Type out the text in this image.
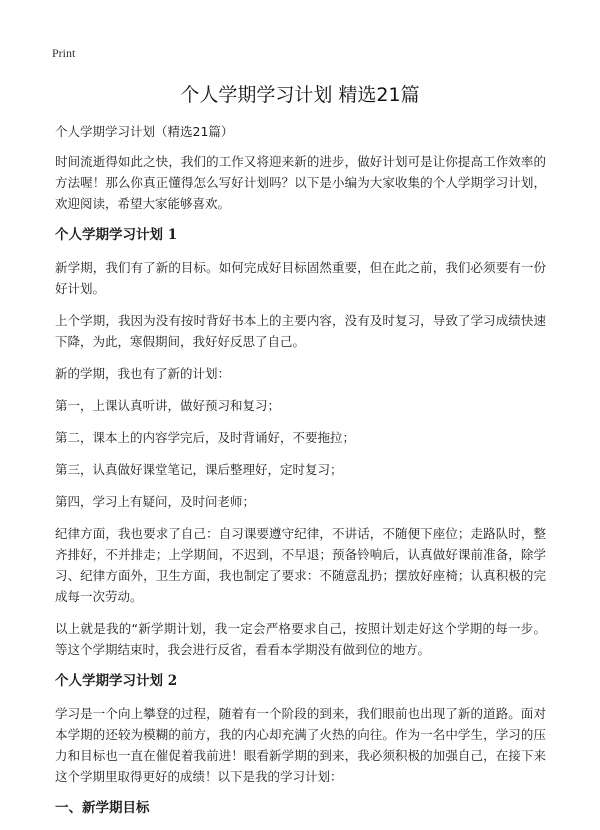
Print
个人学期学习计划 精选21篇
个人学期学习计划（精选21篇）

时间流逝得如此之快，我们的工作又将迎来新的进步，做好计划可是让你提高工作效率的方法喔！那么你真正懂得怎么写好计划吗？以下是小编为大家收集的个人学期学习计划，欢迎阅读，希望大家能够喜欢。

个人学期学习计划 1

新学期，我们有了新的目标。如何完成好目标固然重要，但在此之前，我们必须要有一份好计划。

上个学期，我因为没有按时背好书本上的主要内容，没有及时复习，导致了学习成绩快速下降，为此，寒假期间，我好好反思了自己。

新的学期，我也有了新的计划：

第一，上课认真听讲，做好预习和复习；

第二，课本上的内容学完后，及时背诵好，不要拖拉；

第三，认真做好课堂笔记，课后整理好，定时复习；

第四，学习上有疑问，及时问老师；

纪律方面，我也要求了自己：自习课要遵守纪律，不讲话，不随便下座位；走路队时，整齐排好，不并排走；上学期间，不迟到，不早退；预备铃响后，认真做好课前准备，除学习、纪律方面外，卫生方面，我也制定了要求：不随意乱扔；摆放好座椅；认真积极的完成每一次劳动。

以上就是我的“新学期计划，我一定会严格要求自己，按照计划走好这个学期的每一步。等这个学期结束时，我会进行反省，看看本学期没有做到位的地方。

个人学期学习计划 2

学习是一个向上攀登的过程，随着有一个阶段的到来，我们眼前也出现了新的道路。面对本学期的还较为模糊的前方，我的内心却充满了火热的向往。作为一名中学生，学习的压力和目标也一直在催促着我前进！眼看新学期的到来，我必须积极的加强自己，在接下来这个学期里取得更好的成绩！以下是我的学习计划：

一、新学期目标
